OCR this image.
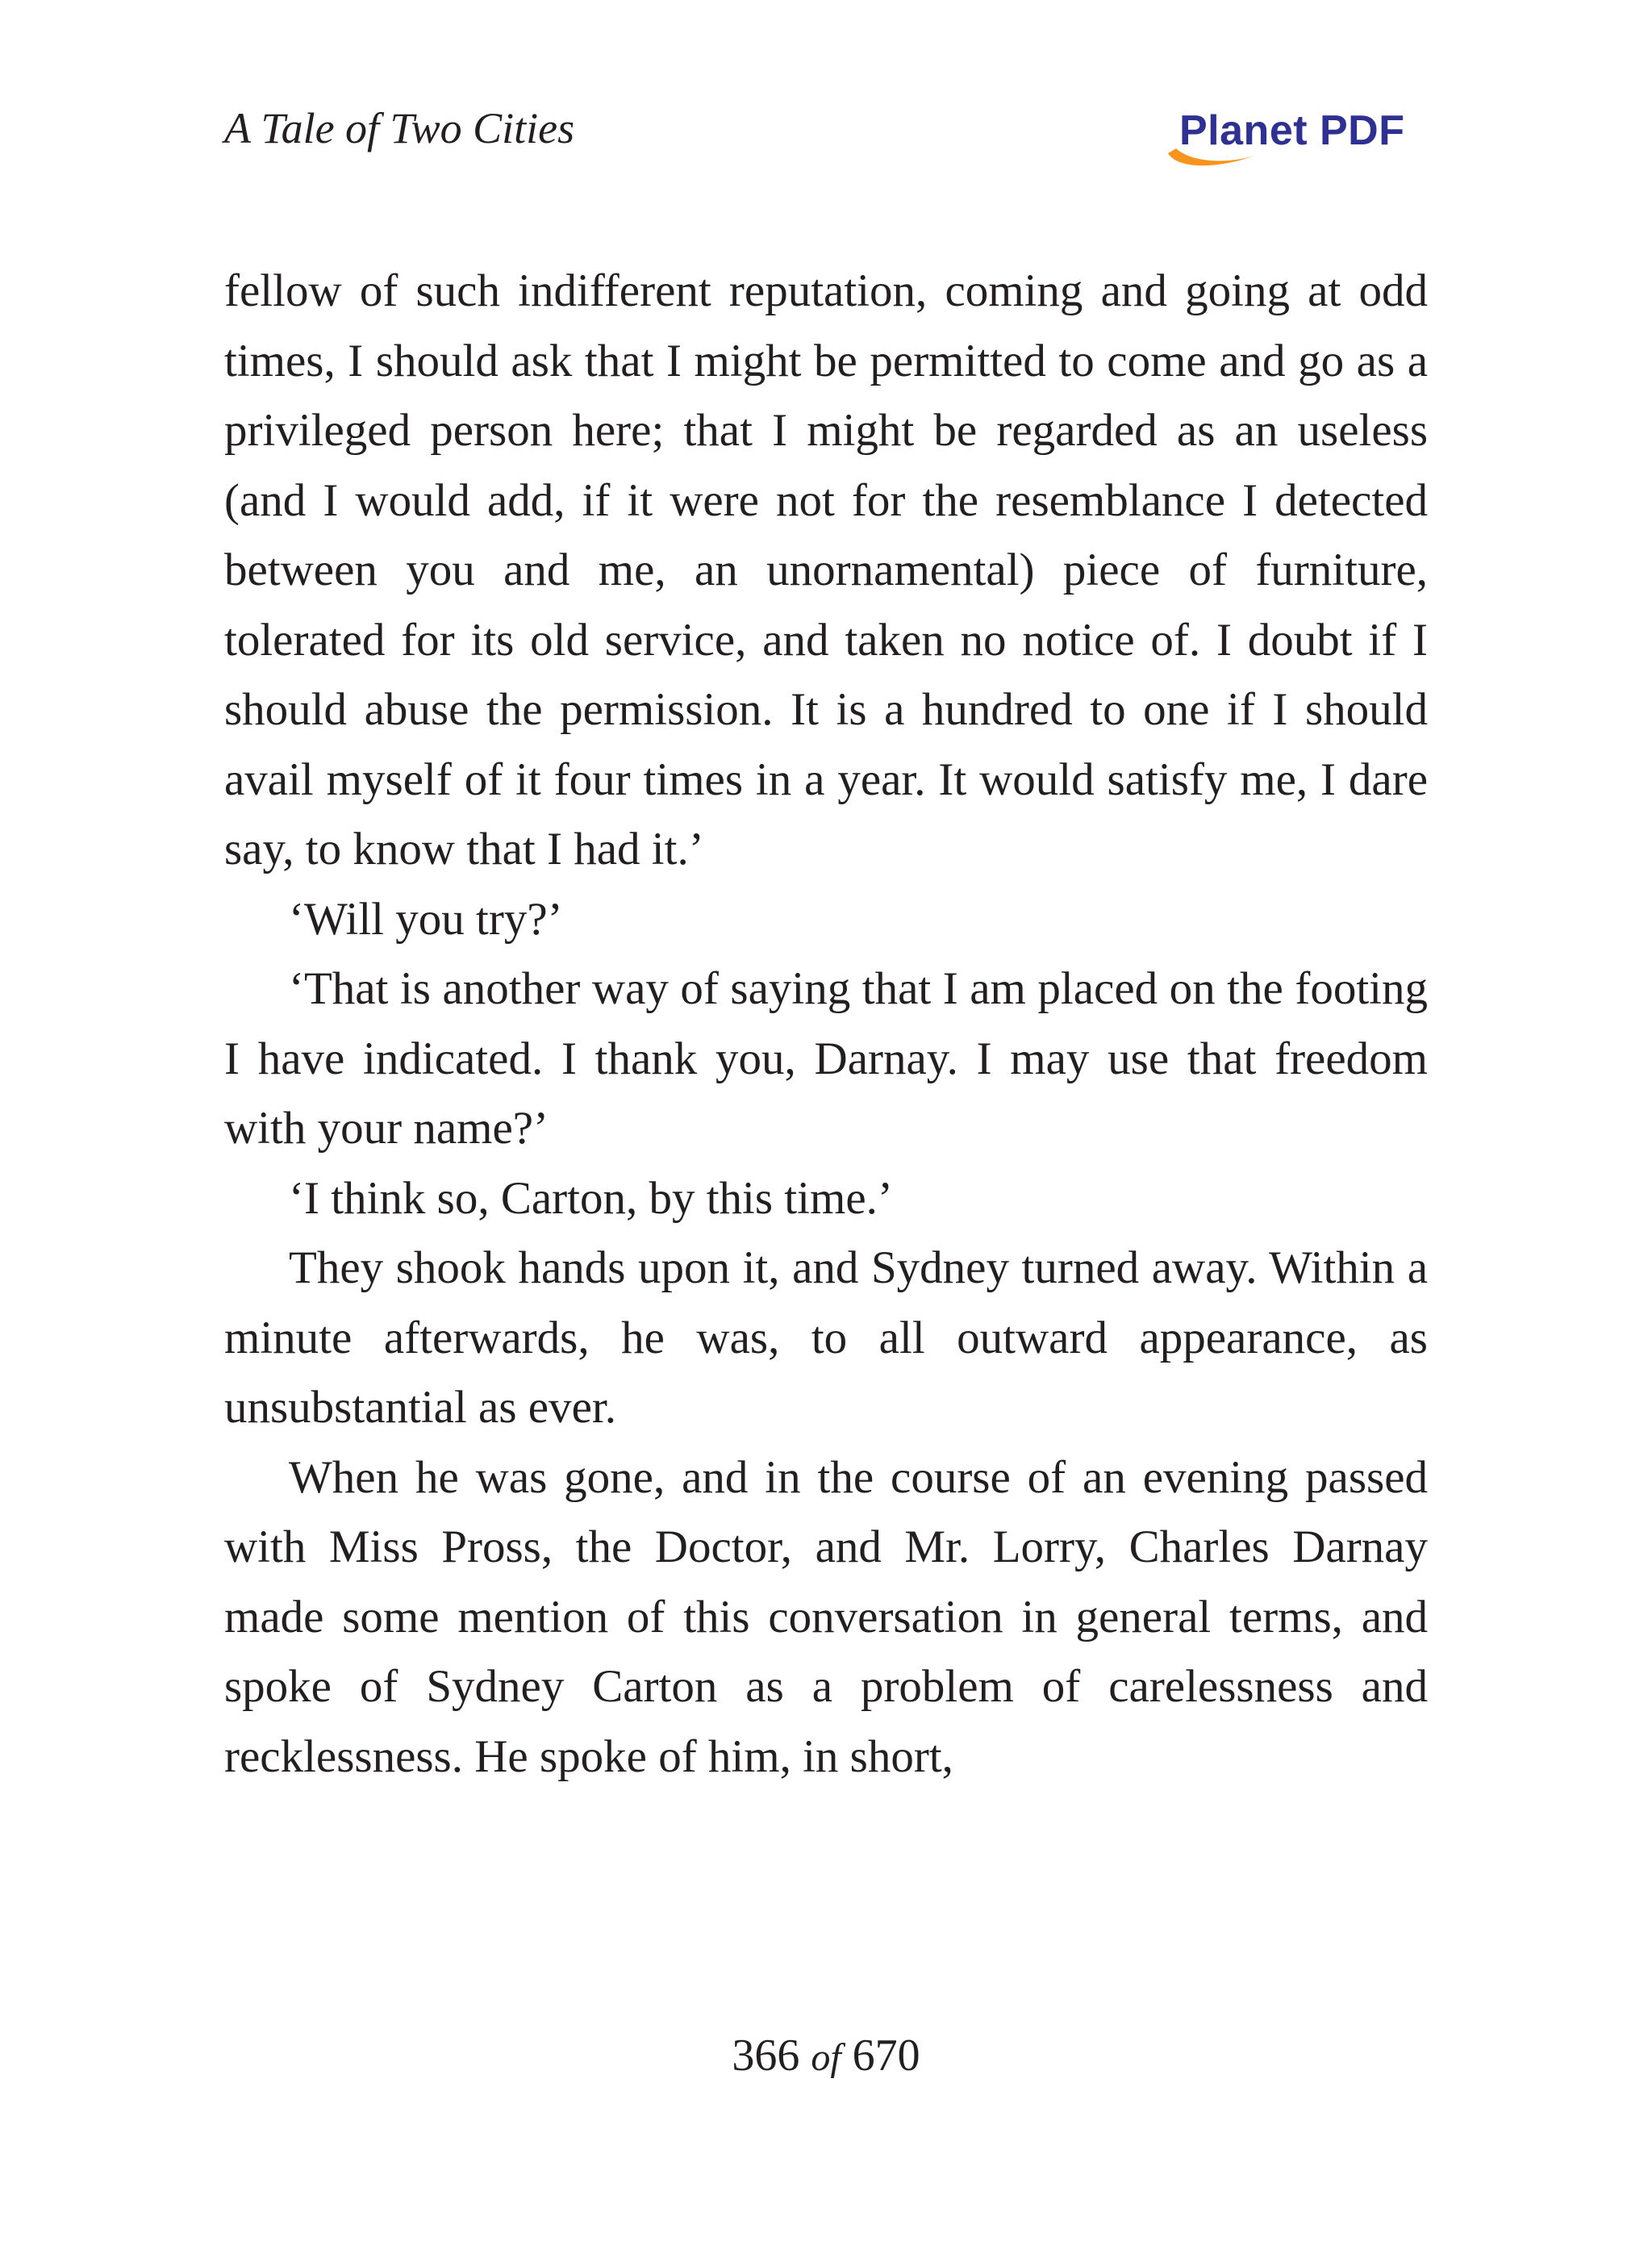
A Tale of Two Cities	Planet PDF

fellow of such indifferent reputation, coming and going at odd times, I should ask that I might be permitted to come and go as a privileged person here; that I might be regarded as an useless (and I would add, if it were not for the resemblance I detected between you and me, an unornamental) piece of furniture, tolerated for its old service, and taken no notice of. I doubt if I should abuse the permission. It is a hundred to one if I should avail myself of it four times in a year. It would satisfy me, I dare say, to know that I had it.’

‘Will you try?’

‘That is another way of saying that I am placed on the footing I have indicated. I thank you, Darnay. I may use that freedom with your name?’

‘I think so, Carton, by this time.’

They shook hands upon it, and Sydney turned away. Within a minute afterwards, he was, to all outward appearance, as unsubstantial as ever.

When he was gone, and in the course of an evening passed with Miss Pross, the Doctor, and Mr. Lorry, Charles Darnay made some mention of this conversation in general terms, and spoke of Sydney Carton as a problem of carelessness and recklessness. He spoke of him, in short,

366 of 670
